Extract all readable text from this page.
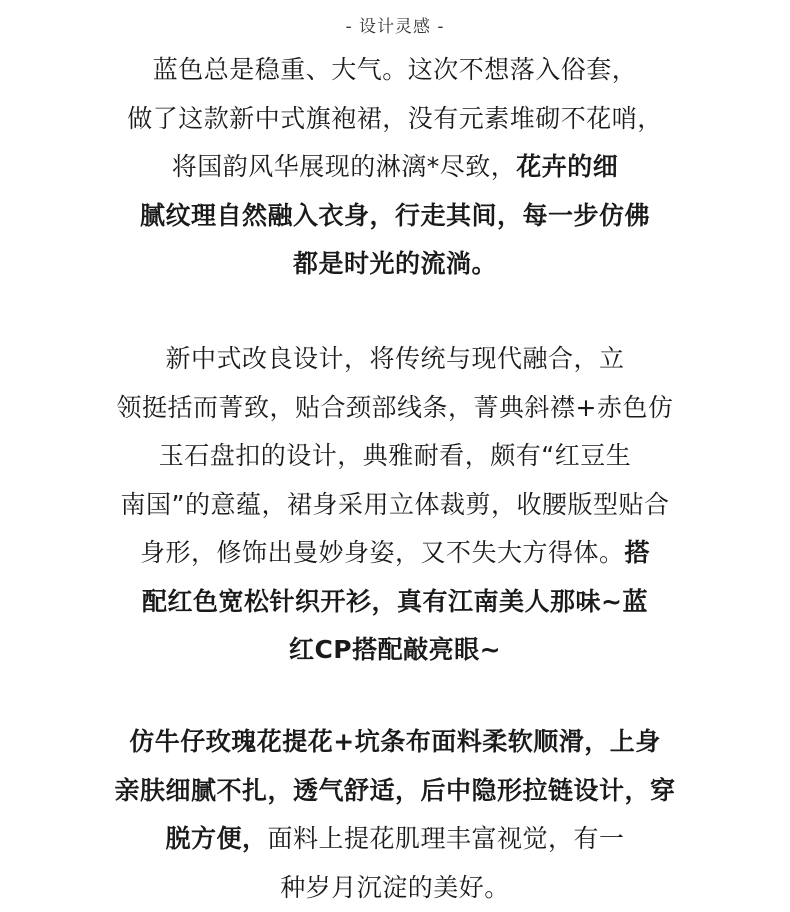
- 设计灵感 -
蓝色总是稳重、大气。这次不想落入俗套，
做了这款新中式旗袍裙，没有元素堆砌不花哨，
将国韵风华展现的淋漓*尽致，花卉的细
腻纹理自然融入衣身，行走其间，每一步仿佛
都是时光的流淌。
新中式改良设计，将传统与现代融合，立
领挺括而菁致，贴合颈部线条，菁典斜襟+赤色仿
玉石盘扣的设计，典雅耐看，颇有“红豆生
南国”的意蕴，裙身采用立体裁剪，收腰版型贴合
身形，修饰出曼妙身姿，又不失大方得体。搭
配红色宽松针织开衫，真有江南美人那味~蓝
红CP搭配敲亮眼~
仿牛仔玫瑰花提花+坑条布面料柔软顺滑，上身
亲肤细腻不扎，透气舒适，后中隐形拉链设计，穿
脱方便，面料上提花肌理丰富视觉，有一
种岁月沉淀的美好。
